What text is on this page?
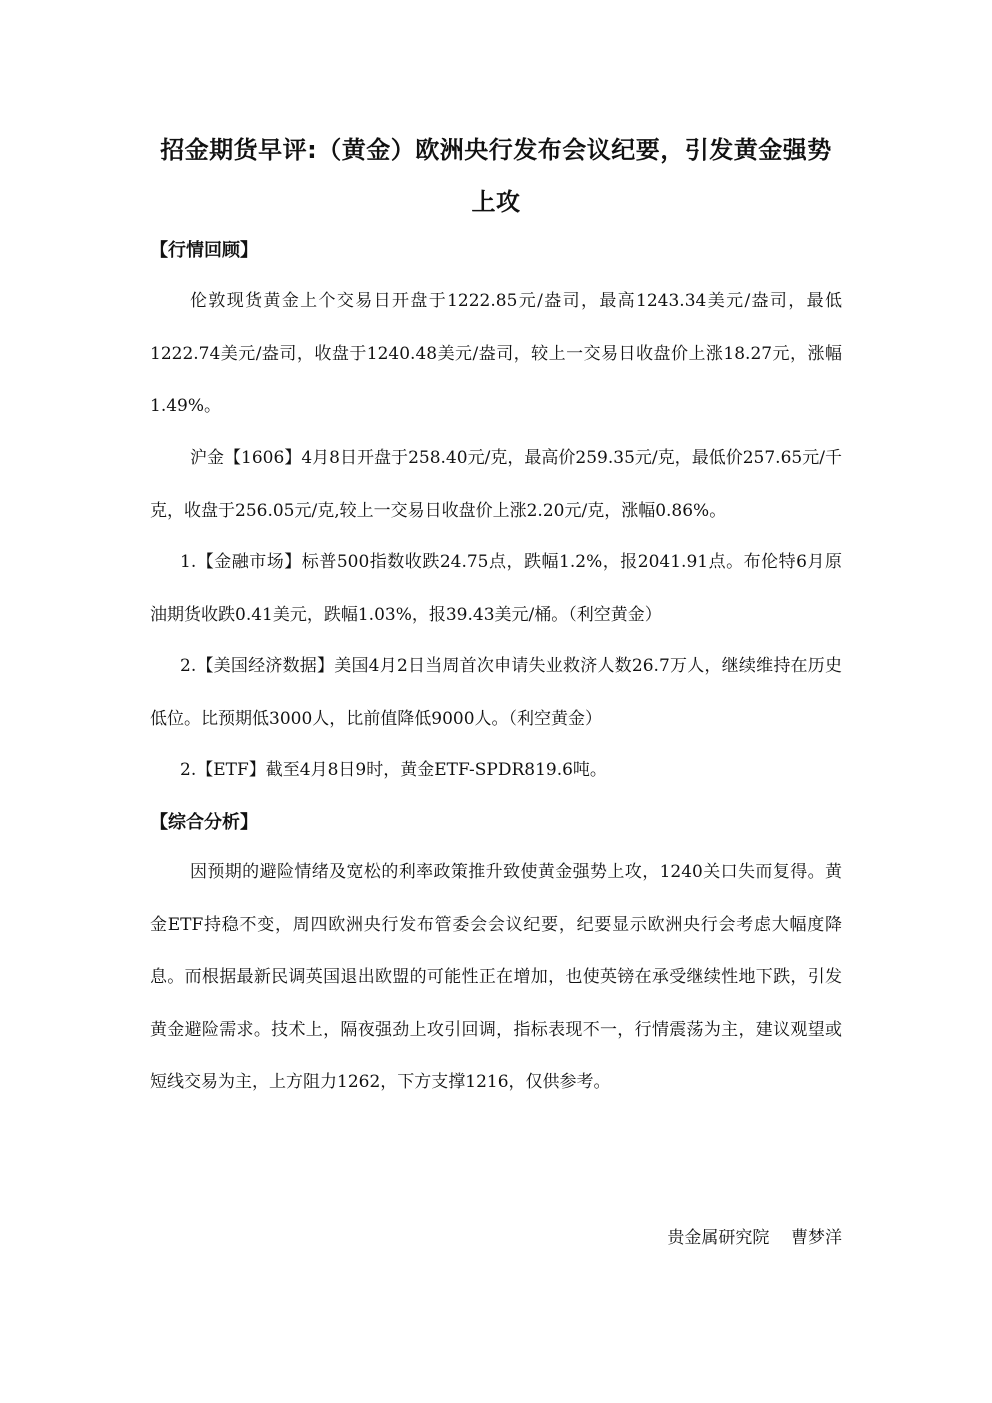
招金期货早评:（黄金）欧洲央行发布会议纪要，引发黄金强势上攻
【行情回顾】

伦敦现货黄金上个交易日开盘于1222.85元/盎司，最高1243.34美元/盎司，最低1222.74美元/盎司，收盘于1240.48美元/盎司，较上一交易日收盘价上涨18.27元，涨幅1.49%。

沪金【1606】4月8日开盘于258.40元/克，最高价259.35元/克，最低价257.65元/千克，收盘于256.05元/克,较上一交易日收盘价上涨2.20元/克，涨幅0.86%。

1.【金融市场】标普500指数收跌24.75点，跌幅1.2%，报2041.91点。布伦特6月原油期货收跌0.41美元，跌幅1.03%，报39.43美元/桶。（利空黄金）

2.【美国经济数据】美国4月2日当周首次申请失业救济人数26.7万人，继续维持在历史低位。比预期低3000人，比前值降低9000人。（利空黄金）

2.【ETF】截至4月8日9时，黄金ETF-SPDR819.6吨。

【综合分析】

因预期的避险情绪及宽松的利率政策推升致使黄金强势上攻，1240关口失而复得。黄金ETF持稳不变，周四欧洲央行发布管委会会议纪要，纪要显示欧洲央行会考虑大幅度降息。而根据最新民调英国退出欧盟的可能性正在增加，也使英镑在承受继续性地下跌，引发黄金避险需求。技术上，隔夜强劲上攻引回调，指标表现不一，行情震荡为主，建议观望或短线交易为主，上方阻力1262，下方支撑1216，仅供参考。

贵金属研究院 曹梦洋
